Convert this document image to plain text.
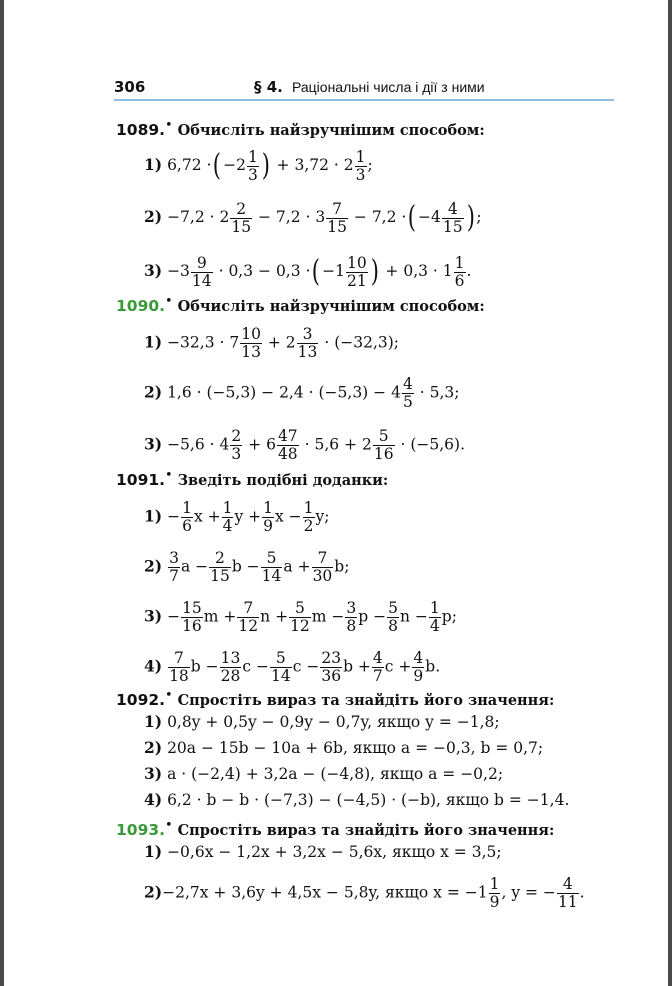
306	§ 4. Раціональні числа і дії з ними
1089.• Обчисліть найзручнішим способом:
1) 6,72 ·( $-2 \frac{1}{3}$ ) + $3,72 \cdot 2 \frac{1}{3}$ ;
$2) -7,2 \cdot 2 \frac{2}{15} - 7,2 \cdot 3 \frac{7}{15} - 7,2$ ·( $-4 \frac{4}{15}$ ) ;
$3) -3 \frac{9}{14} \cdot 0,3 - 0,3$ ·( $-1 \frac{10}{21}$ ) + $0,3 \cdot 1 \frac{1}{6}$ .
1090.• Обчисліть найзручнішим способом:
$1) -32,3 \cdot 7 \frac{10}{13} + 2 \frac{3}{13} \cdot (-32,3)$;
2) $1,6 \cdot (-5,3) - 2,4 \cdot (-5,3) - 4 \frac{4}{5} \cdot 5,3$;
$3) -5,6 \cdot 4 \frac{2}{3} + 6 \frac{47}{48} \cdot 5,6 + 2 \frac{5}{16} \cdot (-5,6)$.
1091.• Зведіть подібні доданки:
$1) - \frac{1}{6}$ $x + \frac{1}{4}$ $y + \frac{1}{9}$ $x - \frac{1}{2} y$;
$2) \frac{3}{7}$ $a - \frac{2}{15}$ $b - \frac{5}{14}$ $a + \frac{7}{30} b$;
$3) - \frac{15}{16}$ $m + \frac{7}{12}$ $n + \frac{5}{12}$ $m - \frac{3}{8}$ $p - \frac{5}{8}$ $n - \frac{1}{4} p$;
$4) \frac{7}{18}$ $b - \frac{13}{28}$ $c - \frac{5}{14}$ $c - \frac{23}{36}$ $b + \frac{4}{7}$ $c + \frac{4}{9} b$.
1092.• Спростіть вираз та знайдіть його значення:
1) 0,8y + 0,5y − 0,9y − 0,7y, якщо y = −1,8;
2) 20a − 15b − 10a + 6b, якщо a = −0,3, b = 0,7;
3) a · (−2,4) + 3,2a − (−4,8), якщо a = −0,2;
4) 6,2 · b − b · (−7,3) − (−4,5) · (−b), якщо b = −1,4.
1093.• Спростіть вираз та знайдіть його значення:
1) −0,6x − 1,2x + 3,2x − 5,6x, якщо x = 3,5;
2)−2,7x + 3,6y + 4,5x − 5,8y, якщо $x = -1 \frac{1}{9}$ , y = − $\frac{4}{11}$ .
